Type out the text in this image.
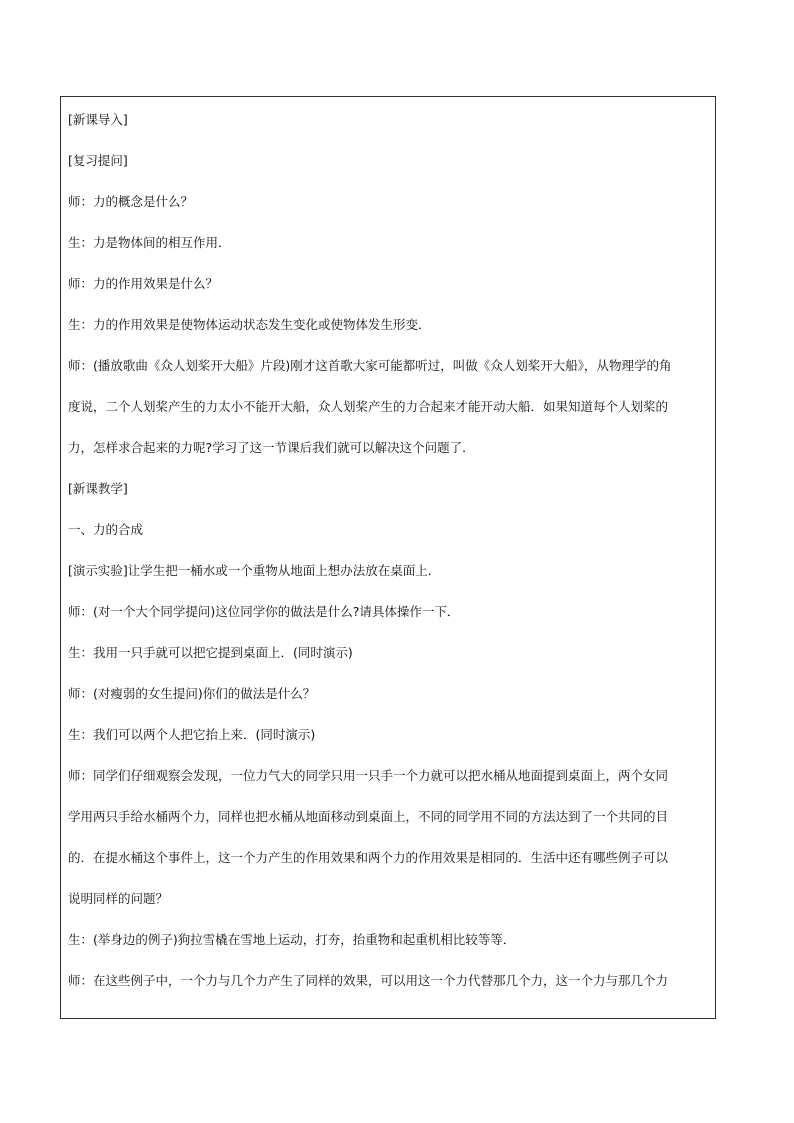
[新课导入]
[复习提问]
师：力的概念是什么？
生：力是物体间的相互作用．
师：力的作用效果是什么？
生：力的作用效果是使物体运动状态发生变化或使物体发生形变．
师：(播放歌曲《众人划桨开大船》片段)刚才这首歌大家可能都听过，叫做《众人划桨开大船》，从物理学的角
度说，二个人划桨产生的力太小不能开大船，众人划桨产生的力合起来才能开动大船．如果知道每个人划桨的
力，怎样求合起来的力呢?学习了这一节课后我们就可以解决这个问题了．
[新课教学]
一、力的合成
[演示实验]让学生把一桶水或一个重物从地面上想办法放在桌面上．
师：(对一个大个同学提问)这位同学你的做法是什么?请具体操作一下．
生：我用一只手就可以把它提到桌面上．(同时演示)
师：(对瘦弱的女生提问)你们的做法是什么？
生：我们可以两个人把它抬上来．(同时演示)
师：同学们仔细观察会发现，一位力气大的同学只用一只手一个力就可以把水桶从地面提到桌面上，两个女同
学用两只手给水桶两个力，同样也把水桶从地面移动到桌面上，不同的同学用不同的方法达到了一个共同的目
的．在提水桶这个事件上，这一个力产生的作用效果和两个力的作用效果是相同的．生活中还有哪些例子可以
说明同样的问题？
生：(举身边的例子)狗拉雪橇在雪地上运动，打夯，抬重物和起重机相比较等等．
师：在这些例子中，一个力与几个力产生了同样的效果，可以用这一个力代替那几个力，这一个力与那几个力
